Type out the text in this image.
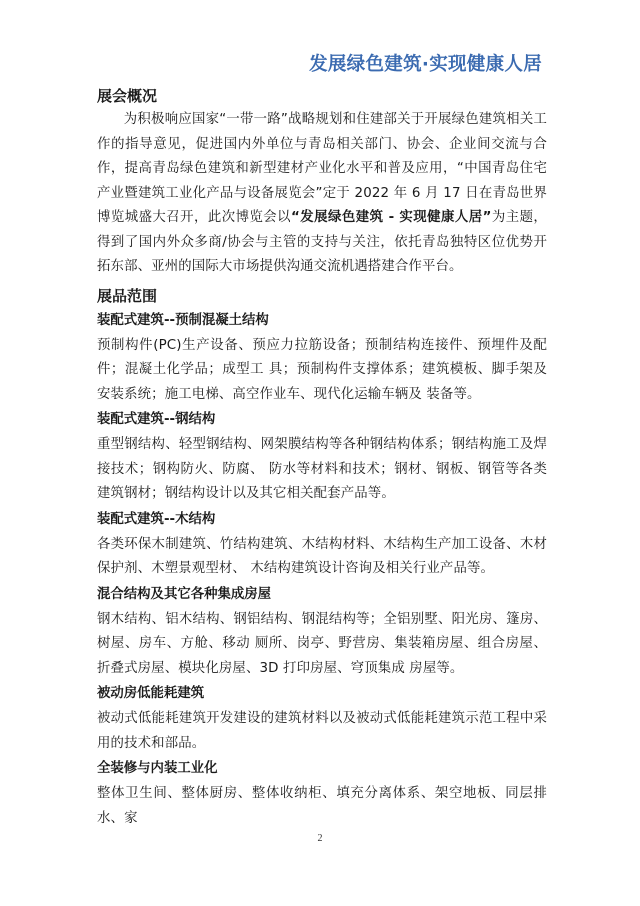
发展绿色建筑·实现健康人居
展会概况

为积极响应国家“一带一路”战略规划和住建部关于开展绿色建筑相关工作的指导意见，促进国内外单位与青岛相关部门、协会、企业间交流与合作，提高青岛绿色建筑和新型建材产业化水平和普及应用，“中国青岛住宅产业暨建筑工业化产品与设备展览会”定于 2022 年 6 月 17 日在青岛世界博览城盛大召开，此次博览会以“发展绿色建筑 - 实现健康人居”为主题，得到了国内外众多商/协会与主管的支持与关注，依托青岛独特区位优势开拓东部、亚州的国际大市场提供沟通交流机遇搭建合作平台。

展品范围
装配式建筑--预制混凝土结构

预制构件(PC)生产设备、预应力拉筋设备；预制结构连接件、预埋件及配件；混凝土化学品；成型工 具；预制构件支撑体系；建筑模板、脚手架及安装系统；施工电梯、高空作业车、现代化运输车辆及 装备等。

装配式建筑--钢结构

重型钢结构、轻型钢结构、网架膜结构等各种钢结构体系；钢结构施工及焊接技术；钢构防火、防腐、 防水等材料和技术；钢材、钢板、钢管等各类建筑钢材；钢结构设计以及其它相关配套产品等。

装配式建筑--木结构

各类环保木制建筑、竹结构建筑、木结构材料、木结构生产加工设备、木材保护剂、木塑景观型材、 木结构建筑设计咨询及相关行业产品等。

混合结构及其它各种集成房屋

钢木结构、铝木结构、钢铝结构、钢混结构等；全铝别墅、阳光房、篷房、树屋、房车、方舱、移动 厕所、岗亭、野营房、集装箱房屋、组合房屋、折叠式房屋、模块化房屋、3D 打印房屋、穹顶集成 房屋等。

被动房低能耗建筑

被动式低能耗建筑开发建设的建筑材料以及被动式低能耗建筑示范工程中采用的技术和部品。

全装修与内装工业化

整体卫生间、整体厨房、整体收纳柜、填充分离体系、架空地板、同层排水、家

2
